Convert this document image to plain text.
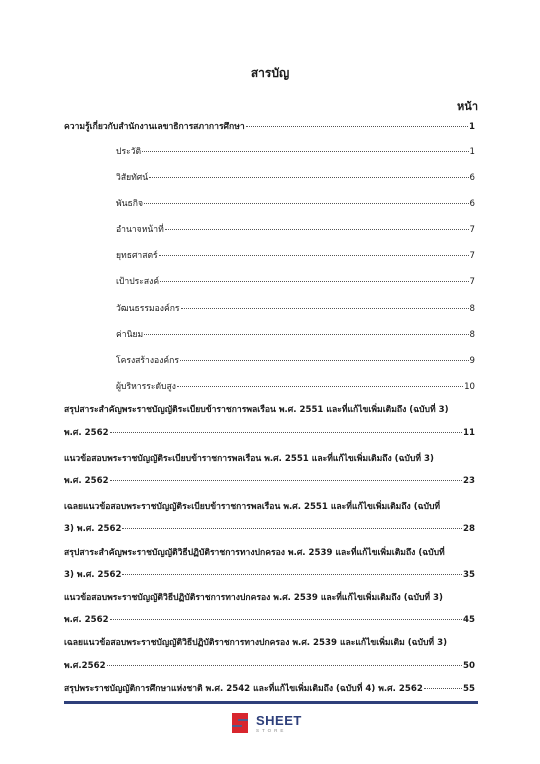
สารบัญ
หน้า
ความรู้เกี่ยวกับสำนักงานเลขาธิการสภาการศึกษา	1
ประวัติ	1
วิสัยทัศน์	6
พันธกิจ	6
อำนาจหน้าที่	7
ยุทธศาสตร์	7
เป้าประสงค์	7
วัฒนธรรมองค์กร	8
ค่านิยม	8
โครงสร้างองค์กร	9
ผู้บริหารระดับสูง	10
สรุปสาระสำคัญพระราชบัญญัติระเบียบข้าราชการพลเรือน พ.ศ. 2551 และที่แก้ไขเพิ่มเติมถึง (ฉบับที่ 3)
พ.ศ. 2562	11
แนวข้อสอบพระราชบัญญัติระเบียบข้าราชการพลเรือน พ.ศ. 2551 และที่แก้ไขเพิ่มเติมถึง (ฉบับที่ 3)
พ.ศ. 2562	23
เฉลยแนวข้อสอบพระราชบัญญัติระเบียบข้าราชการพลเรือน พ.ศ. 2551 และที่แก้ไขเพิ่มเติมถึง (ฉบับที่
3) พ.ศ. 2562	28
สรุปสาระสำคัญพระราชบัญญัติวิธีปฏิบัติราชการทางปกครอง พ.ศ. 2539 และที่แก้ไขเพิ่มเติมถึง (ฉบับที่
3) พ.ศ. 2562	35
แนวข้อสอบพระราชบัญญัติวิธีปฏิบัติราชการทางปกครอง พ.ศ. 2539 และที่แก้ไขเพิ่มเติมถึง (ฉบับที่ 3)
พ.ศ. 2562	45
เฉลยแนวข้อสอบพระราชบัญญัติวิธีปฏิบัติราชการทางปกครอง พ.ศ. 2539 และแก้ไขเพิ่มเติม (ฉบับที่ 3)
พ.ศ.2562	50
สรุปพระราชบัญญัติการศึกษาแห่งชาติ พ.ศ. 2542 และที่แก้ไขเพิ่มเติมถึง (ฉบับที่ 4) พ.ศ. 2562	55
SHEET
STORE
